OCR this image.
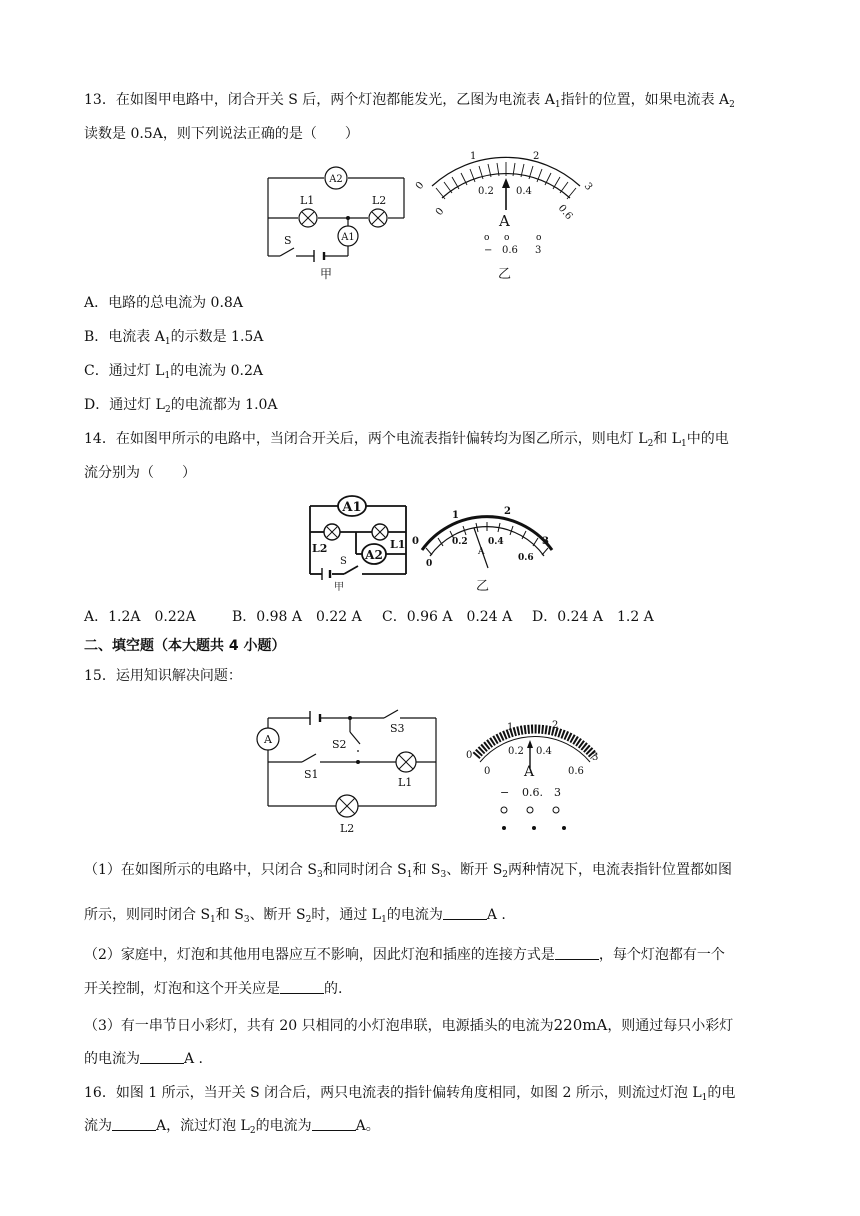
13．在如图甲电路中，闭合开关 S 后，两个灯泡都能发光，乙图为电流表 $A_1$指针的位置，如果电流表 $A_2$
读数是 0.5A，则下列说法正确的是（　　）
A2
A1
L1	L2
S
甲
0
1	2
3
0
0.2 0.4
0.6
A
o o	o
− 0.6 3
乙
A．电路的总电流为 0.8A
B．电流表 $A_1$的示数是 1.5A
C．通过灯 $L_1$的电流为 0.2A
D．通过灯 $L_2$的电流都为 1.0A
14．在如图甲所示的电路中，当闭合开关后，两个电流表指针偏转均为图乙所示，则电灯 $L_2$和 $L_1$中的电
流分别为（　　）
A1
A2
L2	L1
S
甲
0
1	2
3
0
0.2 0.4
0.6
A
乙
A．1.2A　0.22A	B．0.98 A　0.22 A C．0.96 A　0.24 A D．0.24 A　1.2 A
二、填空题（本大题共 4 小题）
15．运用知识解决问题：
A
S1
S2
S3
L1
L2
0
1	2
3
0
0.2 0.4
0.6
A
− 0.6. 3
（1）在如图所示的电路中，只闭合 $S_3$和同时闭合 $S_1$和 $S_3$、断开 $S_2$两种情况下，电流表指针位置都如图
所示，则同时闭合 $S_1$和 $S_3$、断开 $S_2$时，通过 $L_1$的电流为	A .
（2）家庭中，灯泡和其他用电器应互不影响，因此灯泡和插座的连接方式是	，每个灯泡都有一个
开关控制，灯泡和这个开关应是	的.
（3）有一串节日小彩灯，共有 20 只相同的小灯泡串联，电源插头的电流为220mA，则通过每只小彩灯
的电流为	A .
16．如图 1 所示，当开关 S 闭合后，两只电流表的指针偏转角度相同，如图 2 所示，则流过灯泡 $L_1$的电
流为	A，流过灯泡 $L_2$的电流为	A。
